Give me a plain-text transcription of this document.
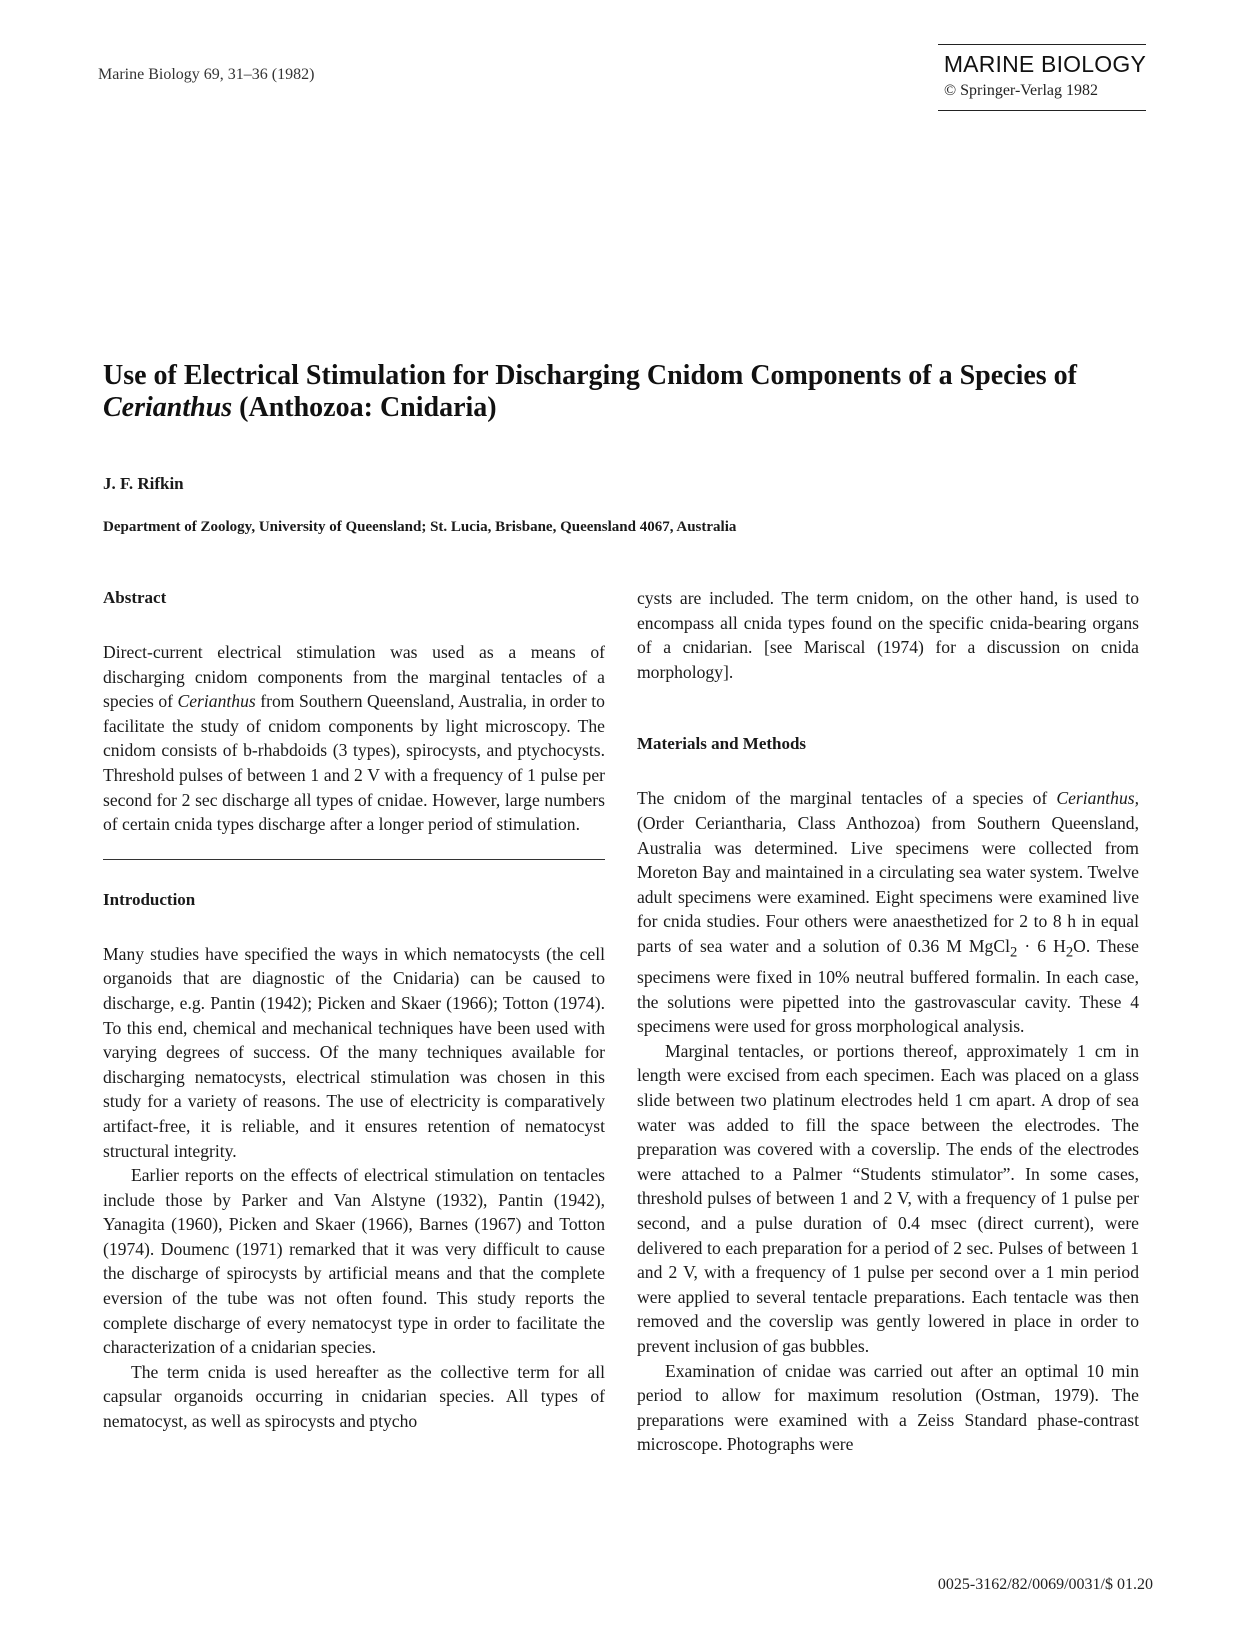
Marine Biology 69, 31–36 (1982)	MARINE BIOLOGY
© Springer-Verlag 1982
Use of Electrical Stimulation for Discharging Cnidom Components of a Species of Cerianthus (Anthozoa: Cnidaria)
J. F. Rifkin
Department of Zoology, University of Queensland; St. Lucia, Brisbane, Queensland 4067, Australia
Abstract

Direct-current electrical stimulation was used as a means of discharging cnidom components from the marginal tentacles of a species of Cerianthus from Southern Queensland, Australia, in order to facilitate the study of cnidom components by light microscopy. The cnidom consists of b-rhabdoids (3 types), spirocysts, and ptychocysts. Threshold pulses of between 1 and 2 V with a frequency of 1 pulse per second for 2 sec discharge all types of cnidae. However, large numbers of certain cnida types discharge after a longer period of stimulation.

Introduction

Many studies have specified the ways in which nematocysts (the cell organoids that are diagnostic of the Cnidaria) can be caused to discharge, e.g. Pantin (1942); Picken and Skaer (1966); Totton (1974). To this end, chemical and mechanical techniques have been used with varying degrees of success. Of the many techniques available for discharging nematocysts, electrical stimulation was chosen in this study for a variety of reasons. The use of electricity is comparatively artifact-free, it is reliable, and it ensures retention of nematocyst structural integrity.

Earlier reports on the effects of electrical stimulation on tentacles include those by Parker and Van Alstyne (1932), Pantin (1942), Yanagita (1960), Picken and Skaer (1966), Barnes (1967) and Totton (1974). Doumenc (1971) remarked that it was very difficult to cause the discharge of spirocysts by artificial means and that the complete eversion of the tube was not often found. This study reports the complete discharge of every nematocyst type in order to facilitate the characterization of a cnidarian species.

The term cnida is used hereafter as the collective term for all capsular organoids occurring in cnidarian species. All types of nematocyst, as well as spirocysts and ptycho

cysts are included. The term cnidom, on the other hand, is used to encompass all cnida types found on the specific cnida-bearing organs of a cnidarian. [see Mariscal (1974) for a discussion on cnida morphology].

Materials and Methods

The cnidom of the marginal tentacles of a species of Cerianthus, (Order Ceriantharia, Class Anthozoa) from Southern Queensland, Australia was determined. Live specimens were collected from Moreton Bay and maintained in a circulating sea water system. Twelve adult specimens were examined. Eight specimens were examined live for cnida studies. Four others were anaesthetized for 2 to 8 h in equal parts of sea water and a solution of 0.36 M MgCl$_2$ · 6 $H_2O$. These specimens were fixed in 10% neutral buffered formalin. In each case, the solutions were pipetted into the gastrovascular cavity. These 4 specimens were used for gross morphological analysis.

Marginal tentacles, or portions thereof, approximately 1 cm in length were excised from each specimen. Each was placed on a glass slide between two platinum electrodes held 1 cm apart. A drop of sea water was added to fill the space between the electrodes. The preparation was covered with a coverslip. The ends of the electrodes were attached to a Palmer “Students stimulator”. In some cases, threshold pulses of between 1 and 2 V, with a frequency of 1 pulse per second, and a pulse duration of 0.4 msec (direct current), were delivered to each preparation for a period of 2 sec. Pulses of between 1 and 2 V, with a frequency of 1 pulse per second over a 1 min period were applied to several tentacle preparations. Each tentacle was then removed and the coverslip was gently lowered in place in order to prevent inclusion of gas bubbles.

Examination of cnidae was carried out after an optimal 10 min period to allow for maximum resolution (Ostman, 1979). The preparations were examined with a Zeiss Standard phase-contrast microscope. Photographs were

0025-3162/82/0069/0031/$ 01.20
